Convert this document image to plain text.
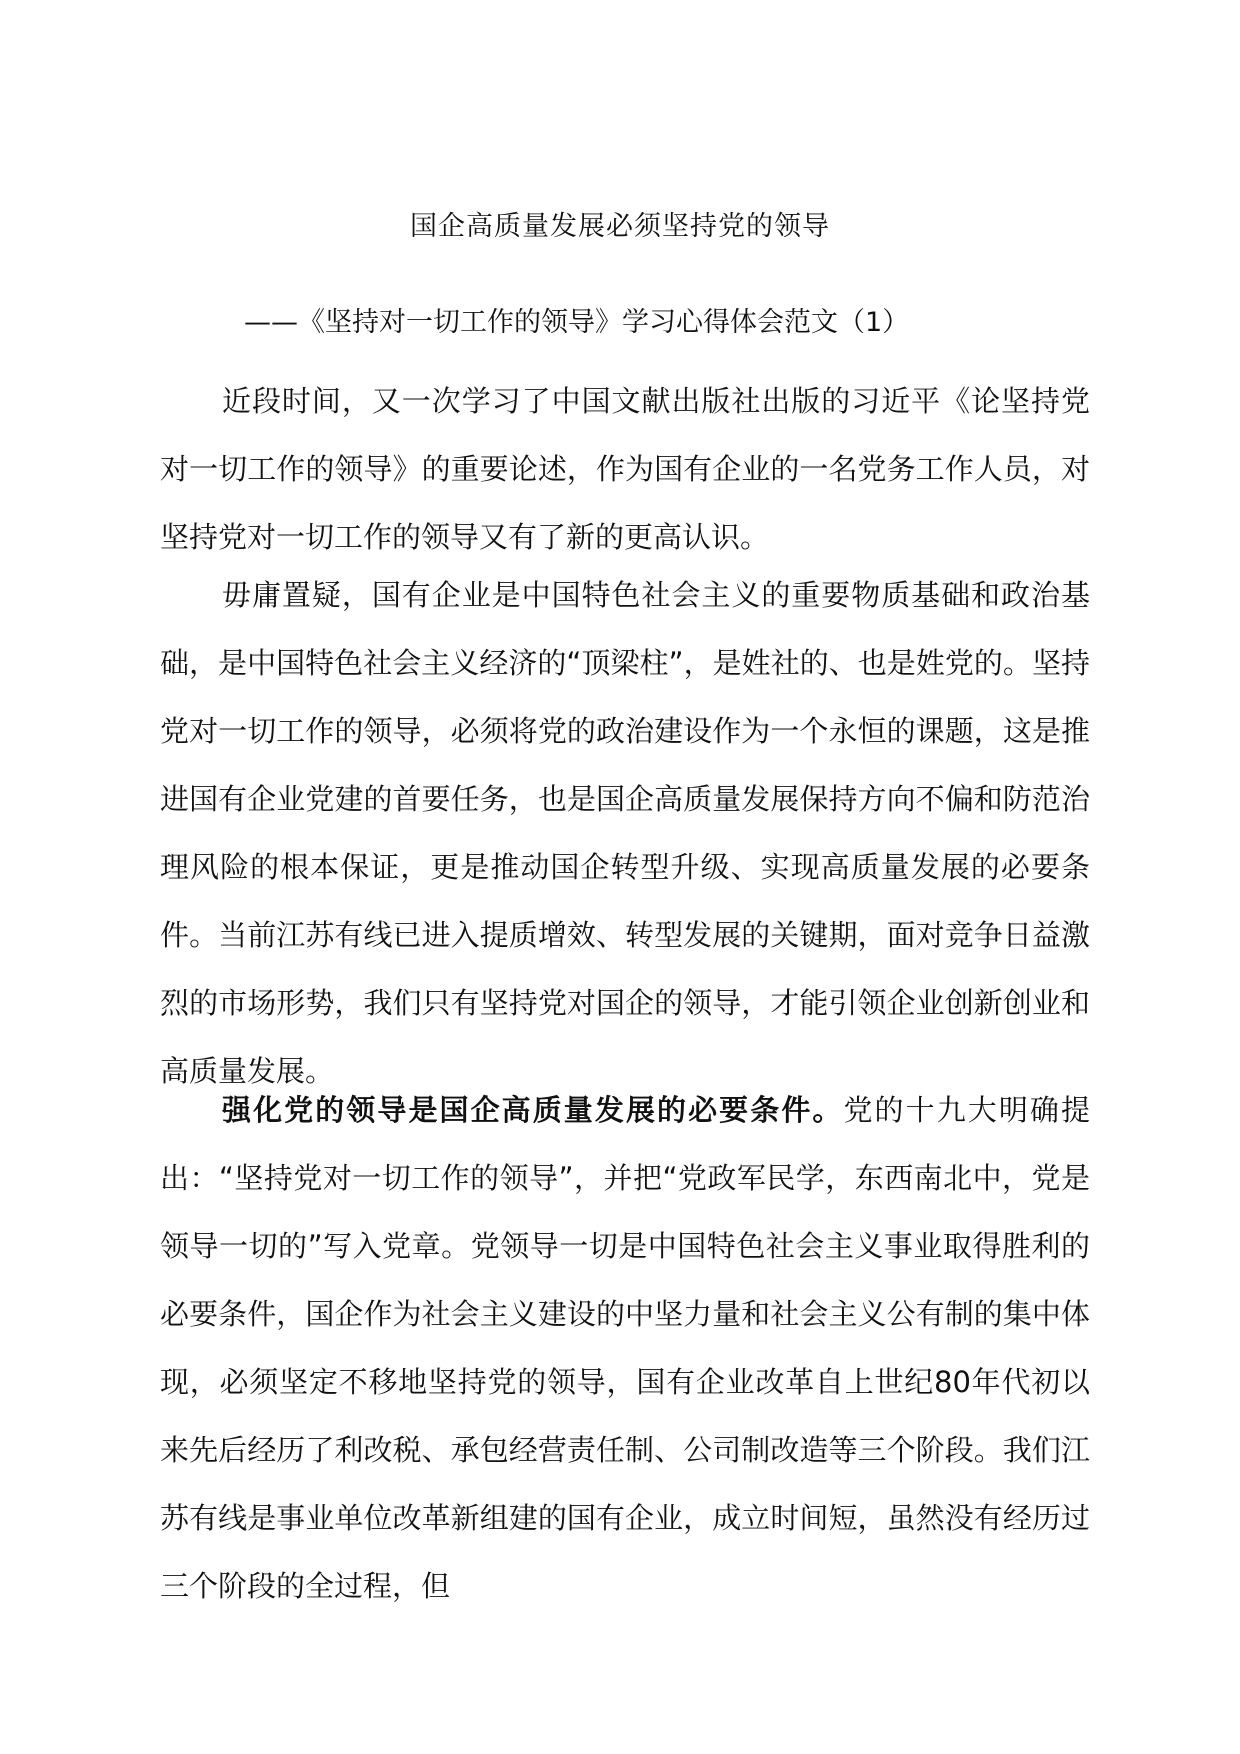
国企高质量发展必须坚持党的领导
——《坚持对一切工作的领导》学习心得体会范文（1）

近段时间，又一次学习了中国文献出版社出版的习近平《论坚持党对一切工作的领导》的重要论述，作为国有企业的一名党务工作人员，对坚持党对一切工作的领导又有了新的更高认识。

毋庸置疑，国有企业是中国特色社会主义的重要物质基础和政治基础，是中国特色社会主义经济的“顶梁柱”，是姓社的、也是姓党的。坚持党对一切工作的领导，必须将党的政治建设作为一个永恒的课题，这是推进国有企业党建的首要任务，也是国企高质量发展保持方向不偏和防范治理风险的根本保证，更是推动国企转型升级、实现高质量发展的必要条件。当前江苏有线已进入提质增效、转型发展的关键期，面对竞争日益激烈的市场形势，我们只有坚持党对国企的领导，才能引领企业创新创业和高质量发展。

强化党的领导是国企高质量发展的必要条件。党的十九大明确提出：“坚持党对一切工作的领导”，并把“党政军民学，东西南北中，党是领导一切的”写入党章。党领导一切是中国特色社会主义事业取得胜利的必要条件，国企作为社会主义建设的中坚力量和社会主义公有制的集中体现，必须坚定不移地坚持党的领导，国有企业改革自上世纪80年代初以来先后经历了利改税、承包经营责任制、公司制改造等三个阶段。我们江苏有线是事业单位改革新组建的国有企业，成立时间短，虽然没有经历过三个阶段的全过程，但
